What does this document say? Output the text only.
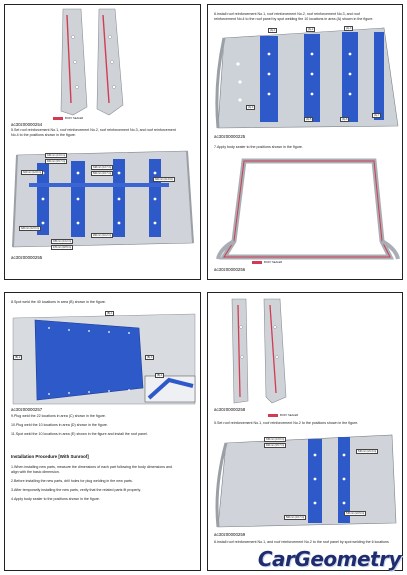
BODY SEALER
ac30z00000254
5.Set roof reinforcement No.1, roof reinforcement No.2, roof reinforcement No.3, and roof reinforcement
No.4 to the positions shown in the figure.
345 mm (13.6 in)
400 mm (15.7 in)
324 mm (12.8 in)
348 mm (13.7 in)
500 mm (19.7 in)
300 mm (11.8 in)
320 mm (12.6 in)
260 mm (10.2 in)
335 mm (13.2 in)
470 mm (18.5 in)
ac30z00000255
6.Install roof reinforcement No.1, roof reinforcement No.2, roof reinforcement No.3, and roof
reinforcement No.4 to the roof panel by spot welding the 10 locations in area (A) shown in the figure.
(A)-1	(A)-2	(A)-3
(A)-4
(A)-5	(A)-6
(A)-7
ac30z00000225
7.Apply body sealer to the positions shown in the figure.
BODY SEALER
ac30z00000256
8.Spot weld the 40 locations in area (B) shown in the figure.
(B)-1
(B)-2	(B)-3
(B)-4
ac30z00000257
9.Plug weld the 22 locations in area (C) shown in the figure.
10.Plug weld the 10 locations in area (D) shown in the figure.
11.Spot weld the 10 locations in area (E) shown in the figure and install the roof panel.
Installation Procedure [With Sunroof]
1.When installing new parts, measure the dimensions of each part following the body dimensions and
align with the basic dimension.
2.Before installing the new parts, drill holes for plug welding in the new parts.
3.After temporarily installing the new parts, verify that the related parts fit properly.
4.Apply body sealer to the positions shown in the figure.
ac30z00000258
BODY SEALER
5.Set roof reinforcement No.1, roof reinforcement No.2 to the positions shown in the figure.
345 mm (13.6 in)
400 mm (15.7 in)
540 mm (21.3 in)
500 mm (19.7 in)
545 mm (21.5 in)
ac30z00000259
6.Install roof reinforcement No.1, and roof reinforcement No.2 to the roof panel by spot welding the 6 locations
CarGeometry
